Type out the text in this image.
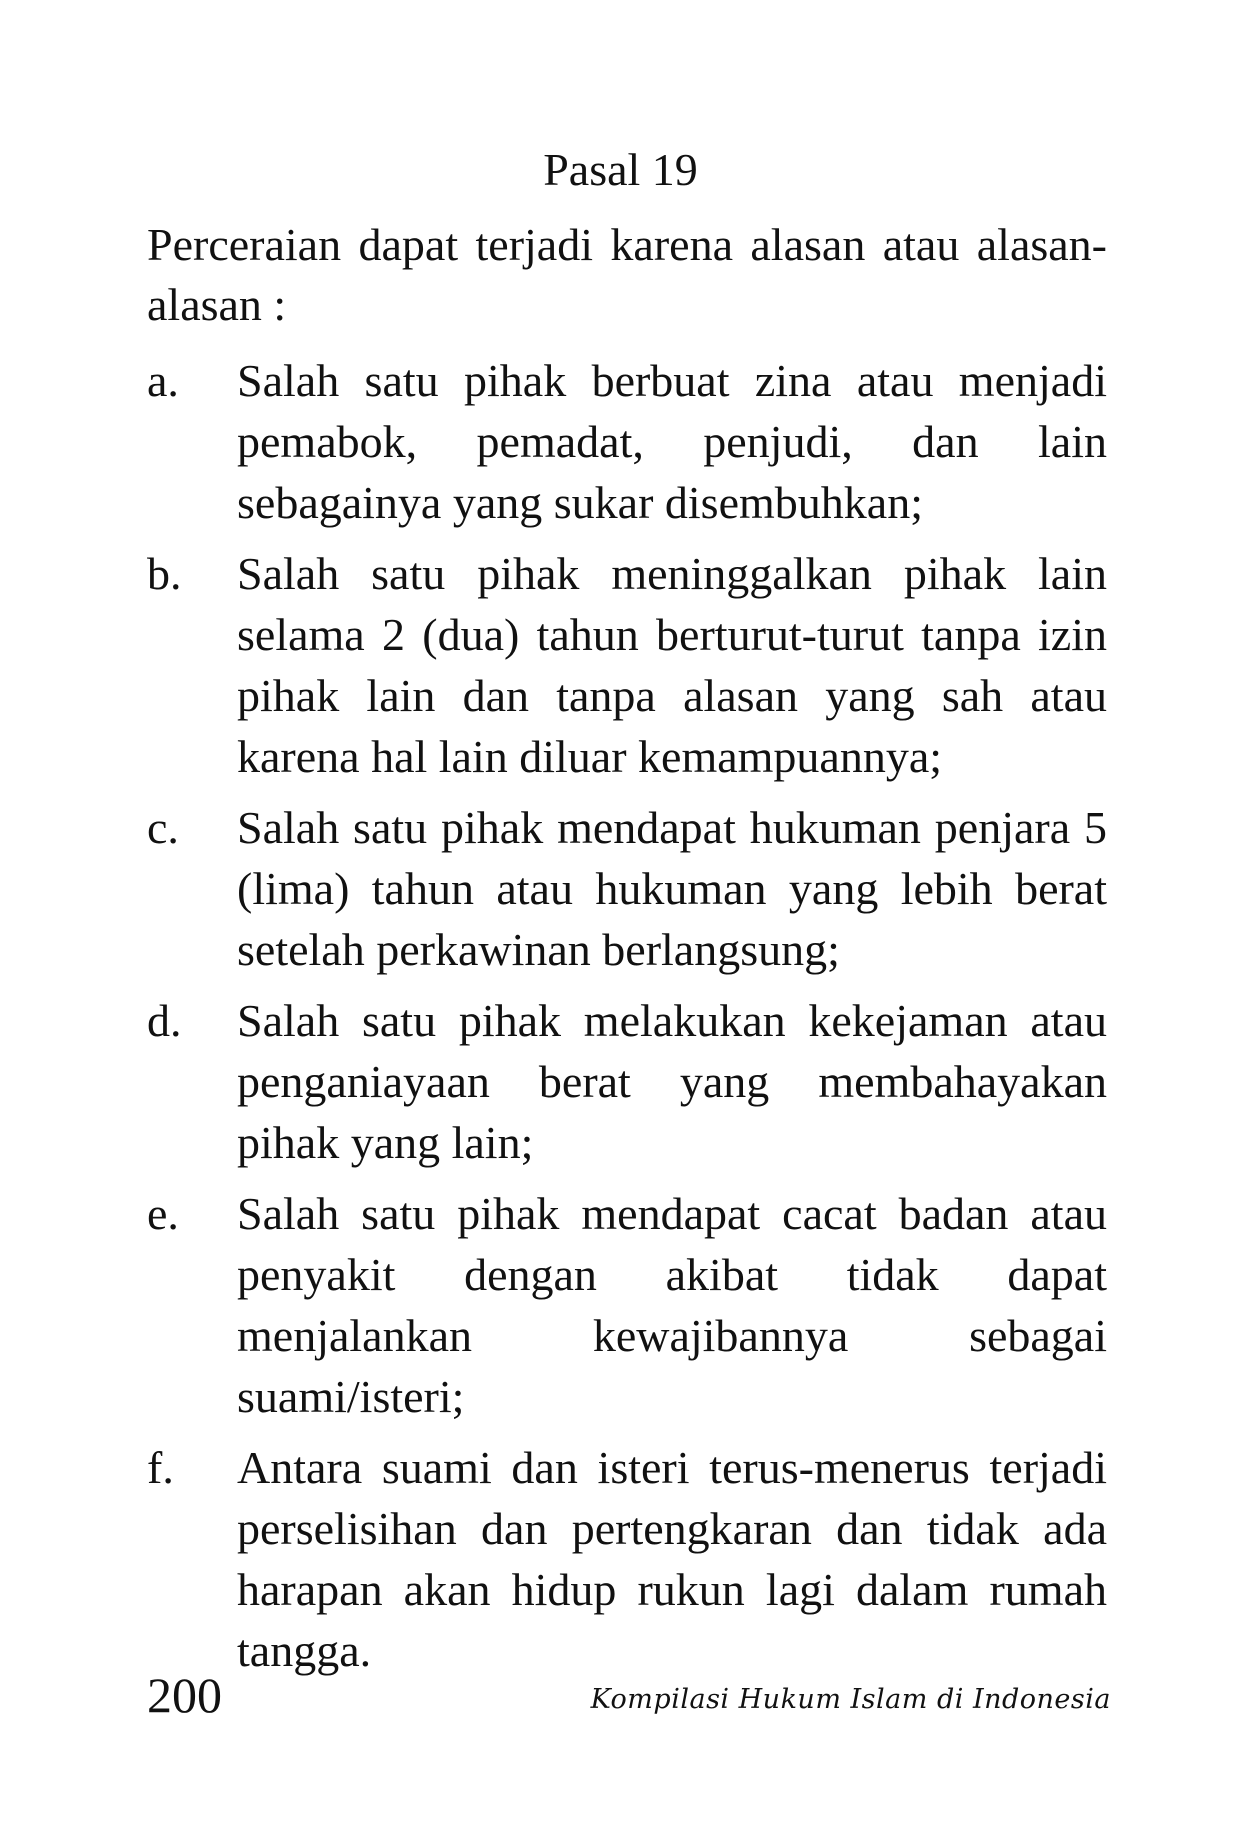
Pasal 19
Perceraian dapat terjadi karena alasan atau alasan-alasan :
a. Salah satu pihak berbuat zina atau menjadi pemabok, pemadat, penjudi, dan lain sebagainya yang sukar disembuhkan;
b. Salah satu pihak meninggalkan pihak lain selama 2 (dua) tahun berturut-turut tanpa izin pihak lain dan tanpa alasan yang sah atau karena hal lain diluar kemampuannya;
c. Salah satu pihak mendapat hukuman penjara 5 (lima) tahun atau hukuman yang lebih berat setelah perkawinan berlangsung;
d. Salah satu pihak melakukan kekejaman atau penganiayaan berat yang membahayakan pihak yang lain;
e. Salah satu pihak mendapat cacat badan atau penyakit dengan akibat tidak dapat menjalankan kewajibannya sebagai suami/isteri;
f. Antara suami dan isteri terus-menerus terjadi perselisihan dan pertengkaran dan tidak ada harapan akan hidup rukun lagi dalam rumah tangga.
200	Kompilasi Hukum Islam di Indonesia
